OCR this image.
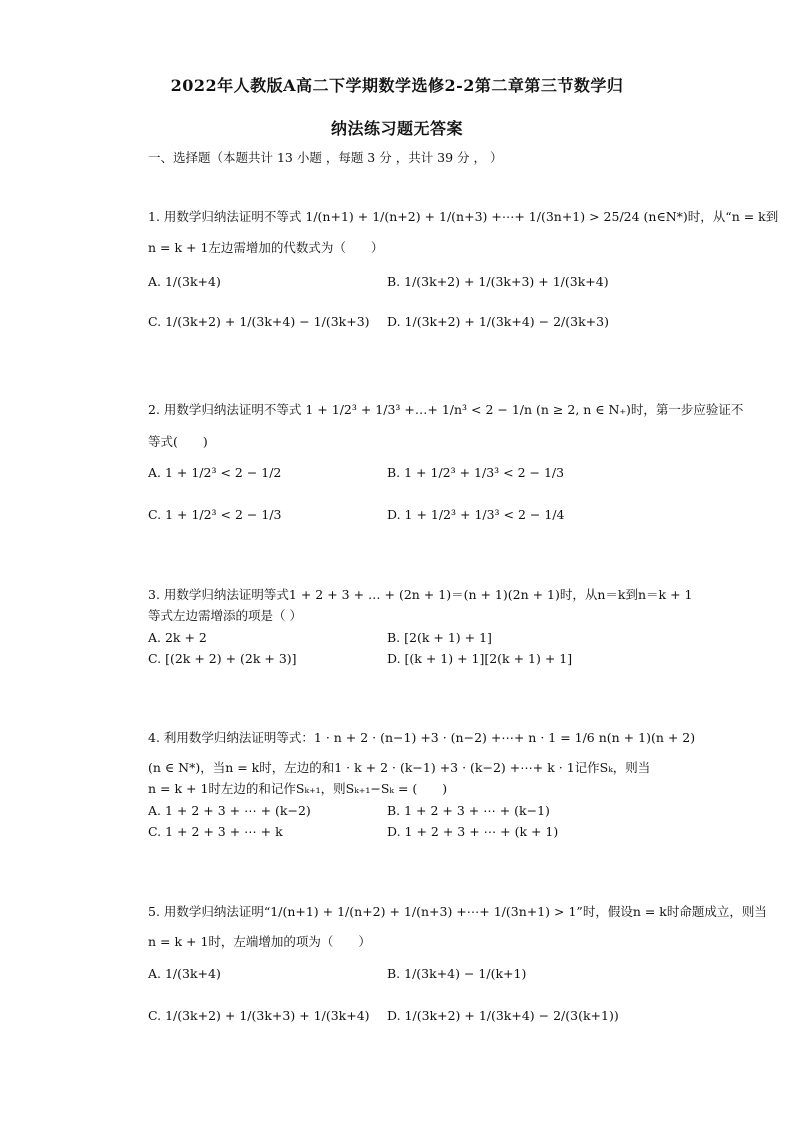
2022年人教版A高二下学期数学选修2-2第二章第三节数学归
纳法练习题无答案
一、选择题（本题共计 13 小题 ，每题 3 分 ，共计 39 分 ， ）
1. 用数学归纳法证明不等式 1/(n+1) + 1/(n+2) + 1/(n+3) +⋯+ 1/(3n+1) > 25/24 (n∈N*)时，从“n = k到
n = k + 1左边需增加的代数式为（　　）
A. 1/(3k+4)	B. 1/(3k+2) + 1/(3k+3) + 1/(3k+4)
C. 1/(3k+2) + 1/(3k+4) − 1/(3k+3) D. 1/(3k+2) + 1/(3k+4) − 2/(3k+3)
2. 用数学归纳法证明不等式 1 + 1/2³ + 1/3³ +…+ 1/n³ < 2 − 1/n (n ≥ 2, n ∈ N₊)时，第一步应验证不
等式(　　)
A. 1 + 1/2³ < 2 − 1/2	B. 1 + 1/2³ + 1/3³ < 2 − 1/3
C. 1 + 1/2³ < 2 − 1/3	D. 1 + 1/2³ + 1/3³ < 2 − 1/4
3. 用数学归纳法证明等式1 + 2 + 3 + … + (2n + 1)＝(n + 1)(2n + 1)时，从n＝k到n＝k + 1
等式左边需增添的项是（ ）
A. 2k + 2	B. [2(k + 1) + 1]
C. [(2k + 2) + (2k + 3)]	D. [(k + 1) + 1][2(k + 1) + 1]
4. 利用数学归纳法证明等式：1 · n + 2 · (n−1) +3 · (n−2) +⋯+ n · 1 = 1/6 n(n + 1)(n + 2)
(n ∈ N*)，当n = k时，左边的和1 · k + 2 · (k−1) +3 · (k−2) +⋯+ k · 1记作Sₖ，则当
n = k + 1时左边的和记作Sₖ₊₁，则Sₖ₊₁−Sₖ = (　　)
A. 1 + 2 + 3 + ⋯ + (k−2)	B. 1 + 2 + 3 + ⋯ + (k−1)
C. 1 + 2 + 3 + ⋯ + k	D. 1 + 2 + 3 + ⋯ + (k + 1)
5. 用数学归纳法证明“1/(n+1) + 1/(n+2) + 1/(n+3) +⋯+ 1/(3n+1) > 1”时，假设n = k时命题成立，则当
n = k + 1时，左端增加的项为（　　）
A. 1/(3k+4)	B. 1/(3k+4) − 1/(k+1)
C. 1/(3k+2) + 1/(3k+3) + 1/(3k+4) D. 1/(3k+2) + 1/(3k+4) − 2/(3(k+1))
